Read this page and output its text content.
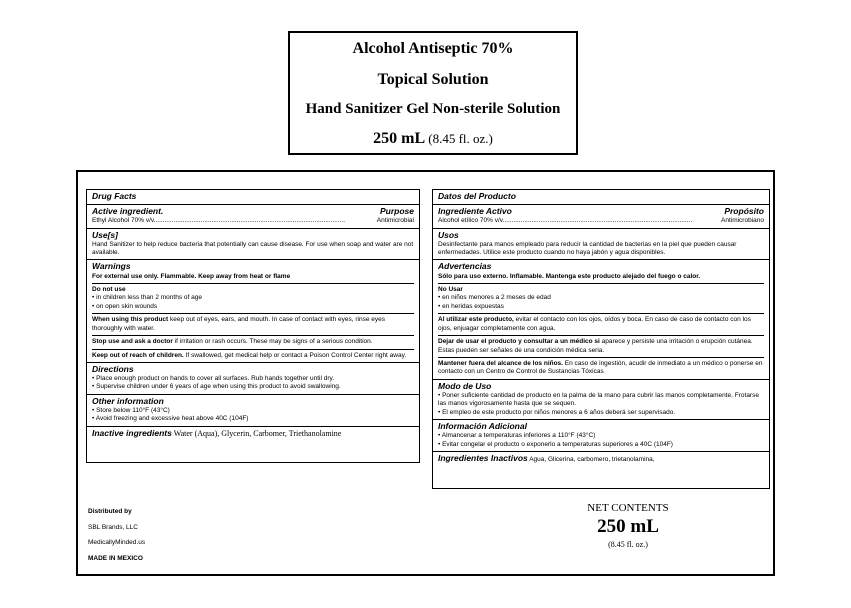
Alcohol Antiseptic 70%
Topical Solution
Hand Sanitizer Gel Non-sterile Solution
250 mL (8.45 fl. oz.)
Drug Facts
Active ingredient.	Purpose
Ethyl Alcohol 70% v/v..........................................................................................................	Antimicrobial
Use[s]
Hand Sanitizer to help reduce bacteria that potentially can cause disease. For use when soap and water are not available.
Warnings
For external use only. Flammable. Keep away from heat or flame
Do not use
• in children less than 2 months of age
• on open skin wounds
When using this product keep out of eyes, ears, and mouth. In case of contact with eyes, rinse eyes thoroughly with water.
Stop use and ask a doctor if irritation or rash occurs. These may be signs of a serious condition.
Keep out of reach of children. If swallowed, get medical help or contact a Poison Control Center right away.
Directions
• Place enough product on hands to cover all surfaces. Rub hands together until dry.
• Supervise children under 6 years of age when using this product to avoid swallowing.
Other information
• Store below 110°F (43°C)
• Avoid freezing and excessive heat above 40C (104F)
Inactive ingredients Water (Aqua), Glycerin, Carbomer, Triethanolamine
Datos del Producto
Ingrediente Activo	Propósito
Alcohol etílico 70% v/v.........................................................................................................	Antimicrobiano
Usos
Desinfectante para manos empleado para reducir la cantidad de bacterias en la piel que pueden causar enfermedades. Utilice este producto cuando no haya jabón y agua disponibles.
Advertencias
Sólo para uso externo. Inflamable. Mantenga este producto alejado del fuego o calor.
No Usar
• en niños menores a 2 meses de edad
• en heridas expuestas
Al utilizar este producto, evitar el contacto con los ojos, oídos y boca. En caso de caso de contacto con los ojos, enjuagar completamente con agua.
Dejar de usar el producto y consultar a un médico si aparece y persiste una irritación o erupción cutánea. Estas pueden ser señales de una condición médica seria.
Mantener fuera del alcance de los niños. En caso de ingestión, acudir de inmediato a un médico o ponerse en contacto con un Centro de Control de Sustancias Tóxicas
Modo de Uso
• Poner suficiente cantidad de producto en la palma de la mano para cubrir las manos completamente. Frotarse las manos vigorosamente hasta que se sequen.
• El empleo de este producto por niños menores a 6 años deberá ser supervisado.
Información Adicional
• Almancenar a temperaturas inferiores a 110°F (43°C)
• Evitar congelar el producto o exponerlo a temperaturas superiores a 40C (104F)
Ingredientes Inactivos Agua, Glicerina, carbomero, trietanolamina,
Distributed by
SBL Brands, LLC
MedicallyMinded.us
MADE IN MEXICO
NET CONTENTS
250 mL
(8.45 fl. oz.)
